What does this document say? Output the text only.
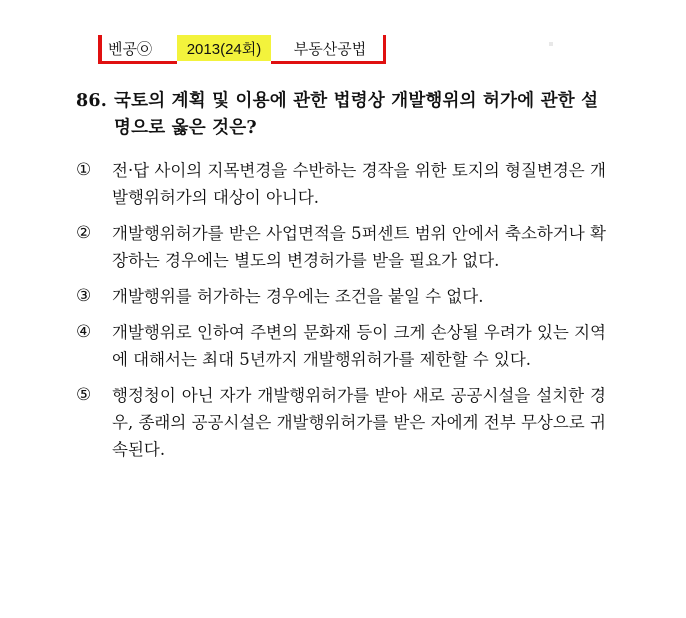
벤공㉧	2013(24회)	부동산공법
86. 국토의 계획 및 이용에 관한 법령상 개발행위의 허가에 관한 설명으로 옳은 것은?
①	전·답 사이의 지목변경을 수반하는 경작을 위한 토지의 형질변경은 개발행위허가의 대상이 아니다.
②	개발행위허가를 받은 사업면적을 5퍼센트 범위 안에서 축소하거나 확장하는 경우에는 별도의 변경허가를 받을 필요가 없다.
③	개발행위를 허가하는 경우에는 조건을 붙일 수 없다.
④	개발행위로 인하여 주변의 문화재 등이 크게 손상될 우려가 있는 지역에 대해서는 최대 5년까지 개발행위허가를 제한할 수 있다.
⑤	행정청이 아닌 자가 개발행위허가를 받아 새로 공공시설을 설치한 경우, 종래의 공공시설은 개발행위허가를 받은 자에게 전부 무상으로 귀속된다.
